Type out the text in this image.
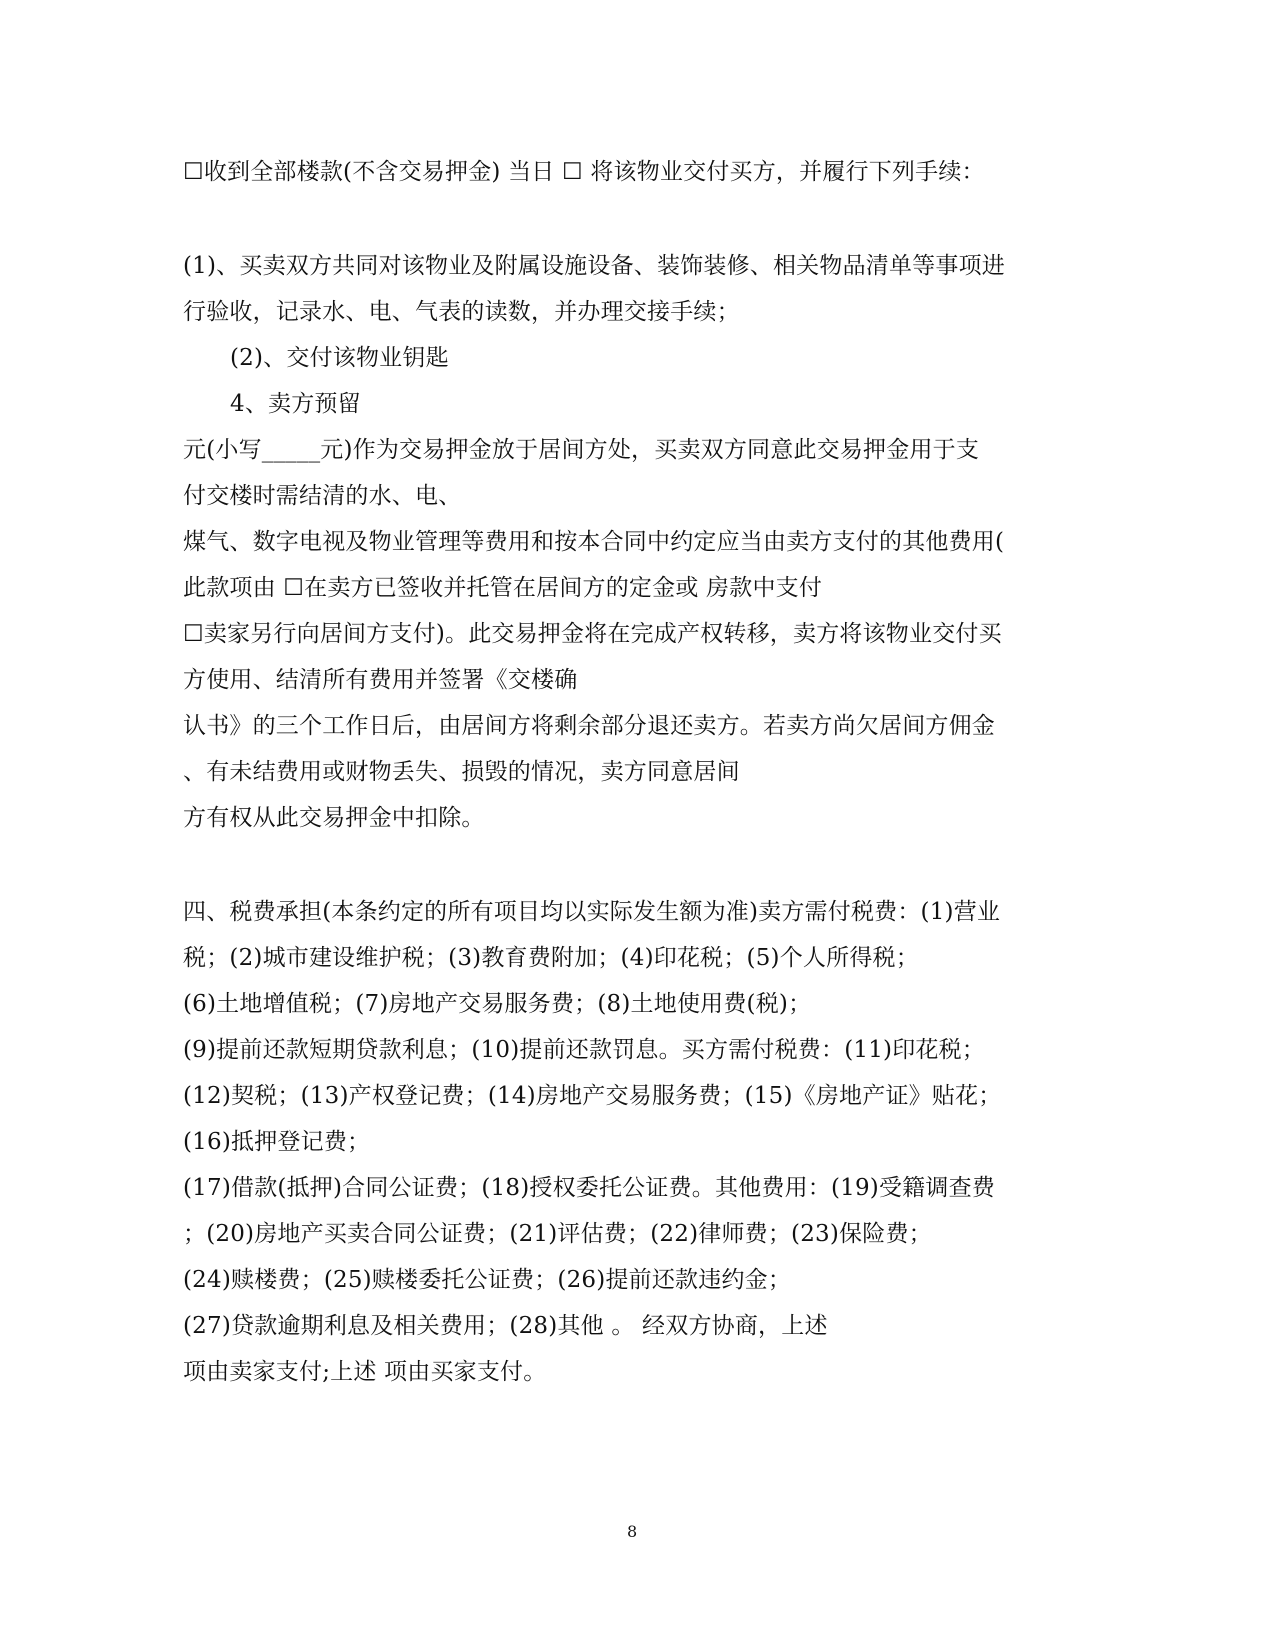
☐收到全部楼款(不含交易押金) 当日 ☐ 将该物业交付买方，并履行下列手续：
(1)、买卖双方共同对该物业及附属设施设备、装饰装修、相关物品清单等事项进
行验收，记录水、电、气表的读数，并办理交接手续；
(2)、交付该物业钥匙
4、卖方预留
元(小写_____元)作为交易押金放于居间方处，买卖双方同意此交易押金用于支
付交楼时需结清的水、电、
煤气、数字电视及物业管理等费用和按本合同中约定应当由卖方支付的其他费用(
此款项由 ☐在卖方已签收并托管在居间方的定金或 房款中支付
☐卖家另行向居间方支付)。此交易押金将在完成产权转移，卖方将该物业交付买
方使用、结清所有费用并签署《交楼确
认书》的三个工作日后，由居间方将剩余部分退还卖方。若卖方尚欠居间方佣金
、有未结费用或财物丢失、损毁的情况，卖方同意居间
方有权从此交易押金中扣除。
四、税费承担(本条约定的所有项目均以实际发生额为准)卖方需付税费：(1)营业
税；(2)城市建设维护税；(3)教育费附加；(4)印花税；(5)个人所得税；
(6)土地增值税；(7)房地产交易服务费；(8)土地使用费(税)；
(9)提前还款短期贷款利息；(10)提前还款罚息。买方需付税费：(11)印花税；
(12)契税；(13)产权登记费；(14)房地产交易服务费；(15)《房地产证》贴花；
(16)抵押登记费；
(17)借款(抵押)合同公证费；(18)授权委托公证费。其他费用：(19)受籍调查费
；(20)房地产买卖合同公证费；(21)评估费；(22)律师费；(23)保险费；
(24)赎楼费；(25)赎楼委托公证费；(26)提前还款违约金；
(27)贷款逾期利息及相关费用；(28)其他 。 经双方协商，上述
项由卖家支付;上述 项由买家支付。
8
